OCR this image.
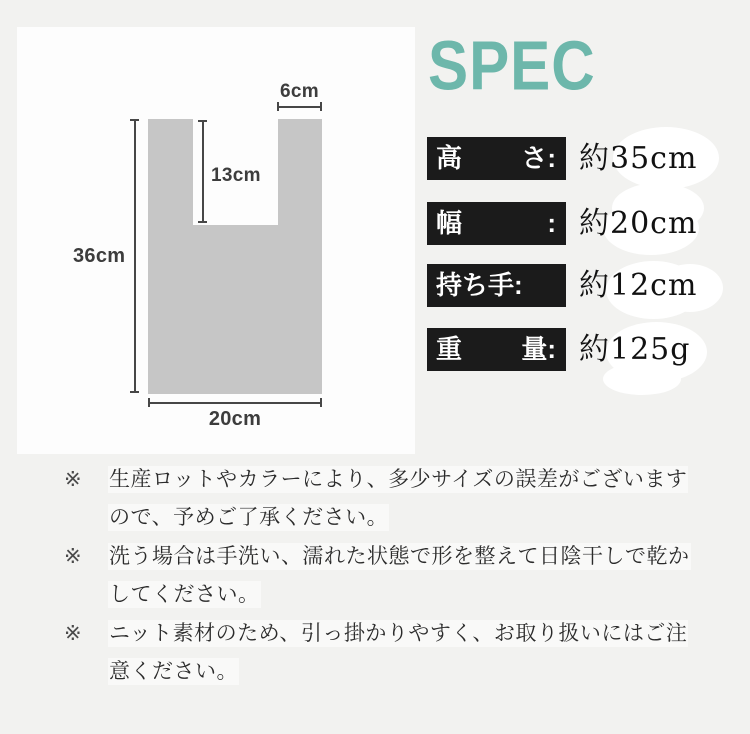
6cm
13cm
36cm
20cm
SPEC
高 さ: 約35cm
幅	: 約20cm
持ち手: 約12cm
重 量: 約125g
※	生産ロットやカラーにより、多少サイズの誤差がございます
ので、予めご了承ください。
※	洗う場合は手洗い、濡れた状態で形を整えて日陰干しで乾か
してください。
※	ニット素材のため、引っ掛かりやすく、お取り扱いにはご注
意ください。
